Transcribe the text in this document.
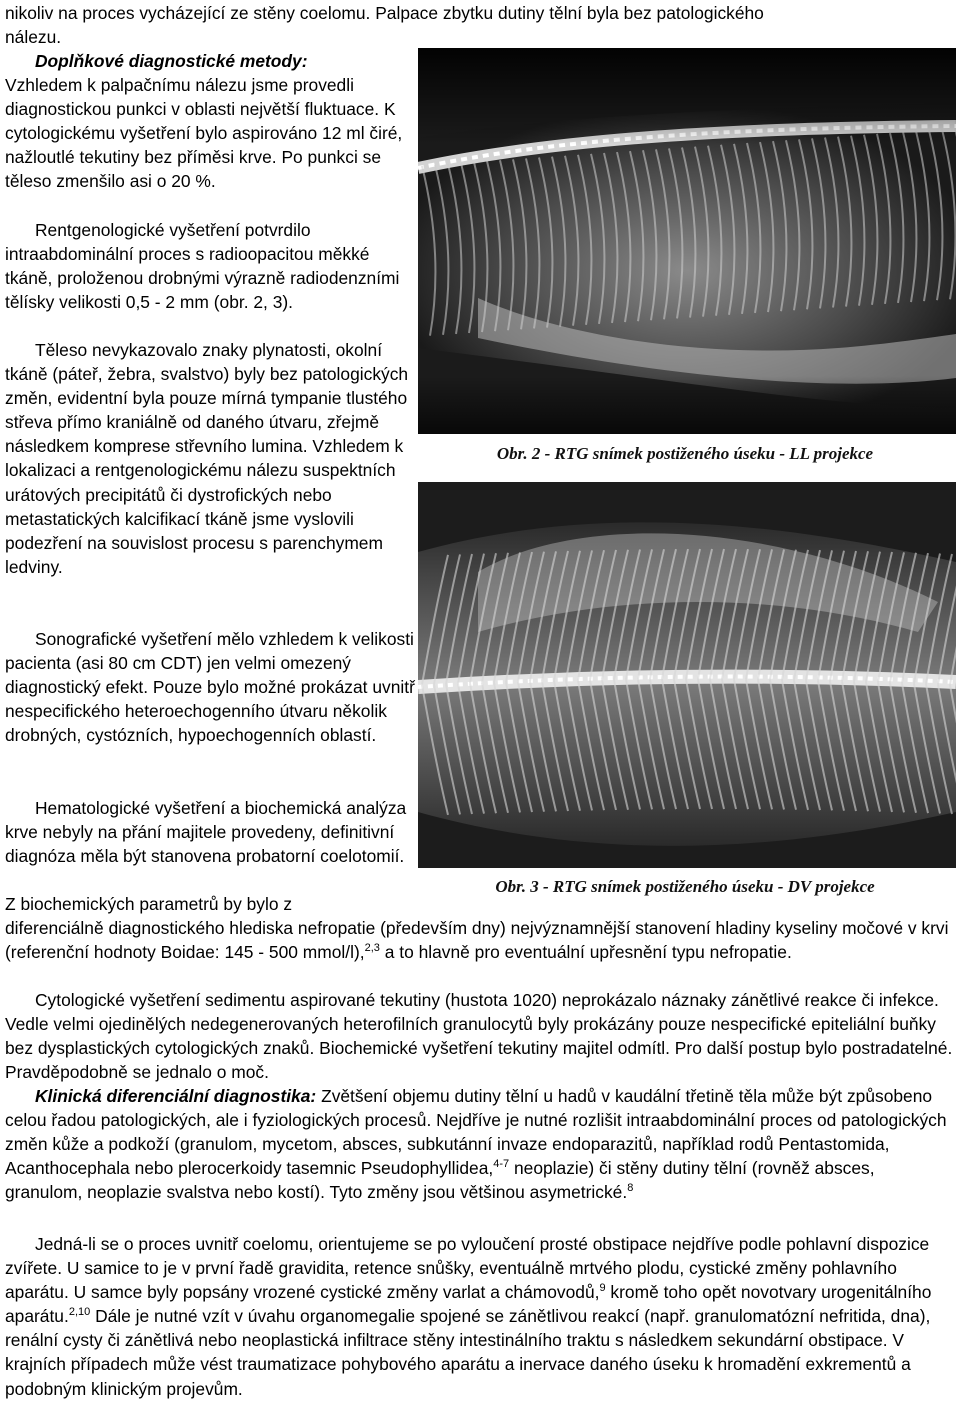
nikoliv na proces vycházející ze stěny coelomu. Palpace zbytku dutiny tělní byla bez patologického
nálezu.

Doplňkové diagnostické metody:
Vzhledem k palpačnímu nálezu jsme provedli diagnostickou punkci v oblasti největší fluktuace. K cytologickému vyšetření bylo aspirováno 12 ml čiré, nažloutlé tekutiny bez příměsi krve. Po punkci se těleso zmenšilo asi o 20 %.

Rentgenologické vyšetření potvrdilo intraabdominální proces s radioopacitou měkké tkáně, proloženou drobnými výrazně radiodenzními tělísky velikosti 0,5 - 2 mm (obr. 2, 3).

Těleso nevykazovalo znaky plynatosti, okolní tkáně (páteř, žebra, svalstvo) byly bez patologických změn, evidentní byla pouze mírná tympanie tlustého střeva přímo kraniálně od daného útvaru, zřejmě následkem komprese střevního lumina. Vzhledem k lokalizaci a rentgenologickému nálezu suspektních urátových precipitátů či dystrofických nebo metastatických kalcifikací tkáně jsme vyslovili podezření na souvislost procesu s parenchymem ledviny.

Sonografické vyšetření mělo vzhledem k velikosti pacienta (asi 80 cm CDT) jen velmi omezený diagnostický efekt. Pouze bylo možné prokázat uvnitř nespecifického heteroechogenního útvaru několik drobných, cystózních, hypoechogenních oblastí.

Hematologické vyšetření a biochemická analýza krve nebyly na přání majitele provedeny, definitivní diagnóza měla být stanovena probatorní coelotomií.

Z biochemických parametrů by bylo z

diferenciálně diagnostického hlediska nefropatie (především dny) nejvýznamnější stanovení hladiny kyseliny močové v krvi (referenční hodnoty Boidae: 145 - 500 mmol/l),$^{2,3}$ a to hlavně pro eventuální upřesnění typu nefropatie.

Cytologické vyšetření sedimentu aspirované tekutiny (hustota 1020) neprokázalo náznaky zánětlivé reakce či infekce. Vedle velmi ojedinělých nedegenerovaných heterofilních granulocytů byly prokázány pouze nespecifické epiteliální buňky bez dysplastických cytologických znaků. Biochemické vyšetření tekutiny majitel odmítl. Pro další postup bylo postradatelné. Pravděpodobně se jednalo o moč.

Klinická diferenciální diagnostika: Zvětšení objemu dutiny tělní u hadů v kaudální třetině těla může být způsobeno celou řadou patologických, ale i fyziologických procesů. Nejdříve je nutné rozlišit intraabdominální proces od patologických změn kůže a podkoží (granulom, mycetom, absces, subkutánní invaze endoparazitů, například rodů Pentastomida, Acanthocephala nebo plerocerkoidy tasemnic Pseudophyllidea,$^{4-7}$ neoplazie) či stěny dutiny tělní (rovněž absces, granulom, neoplazie svalstva nebo kostí). Tyto změny jsou většinou asymetrické.$^8$

Jedná-li se o proces uvnitř coelomu, orientujeme se po vyloučení prosté obstipace nejdříve podle pohlavní dispozice zvířete. U samice to je v první řadě gravidita, retence snůšky, eventuálně mrtvého plodu, cystické změny pohlavního aparátu. U samce byly popsány vrozené cystické změny varlat a chámovodů,$^9$ kromě toho opět novotvary urogenitálního aparátu.$^{2,10}$ Dále je nutné vzít v úvahu organomegalie spojené se zánětlivou reakcí (např. granulomatózní nefritida, dna), renální cysty či zánětlivá nebo neoplastická infiltrace stěny intestinálního traktu s následkem sekundární obstipace. V krajních případech může vést traumatizace pohybového aparátu a inervace daného úseku k hromadění exkrementů a podobným klinickým projevům.

Obr. 2 - RTG snímek postiženého úseku - LL projekce

Obr. 3 - RTG snímek postiženého úseku - DV projekce
